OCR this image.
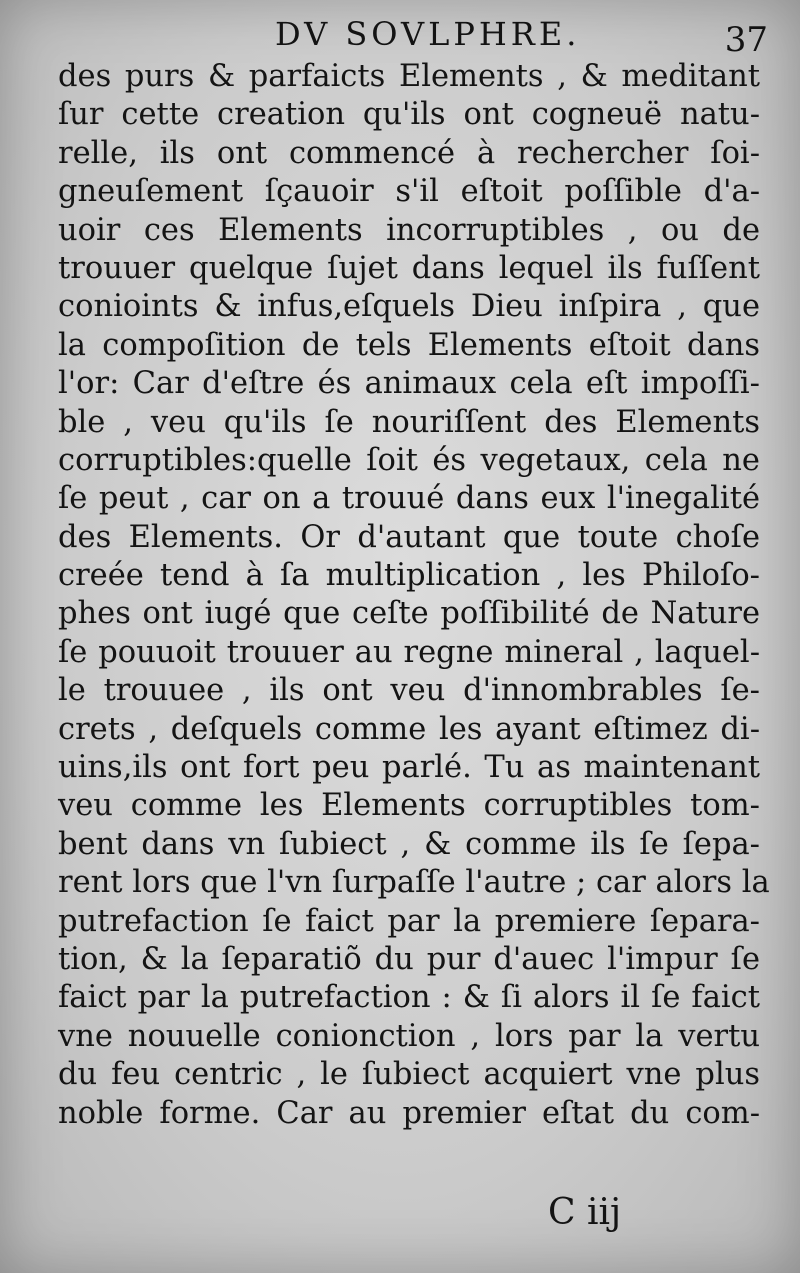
DV SOVLPHRE.	37
des purs & parfaicts Elements , & meditant
ſur cette creation qu'ils ont cogneuë natu-
relle, ils ont commencé à rechercher ſoi-
gneuſement ſçauoir s'il eſtoit poſſible d'a-
uoir ces Elements incorruptibles , ou de
trouuer quelque ſujet dans lequel ils fuſſent
conioints & infus,eſquels Dieu inſpira , que
la compoſition de tels Elements eſtoit dans
l'or: Car d'eſtre és animaux cela eſt impoſſi-
ble , veu qu'ils ſe nouriſſent des Elements
corruptibles:quelle ſoit és vegetaux, cela ne
ſe peut , car on a trouué dans eux l'inegalité
des Elements. Or d'autant que toute choſe
creée tend à ſa multiplication , les Philoſo-
phes ont iugé que ceſte poſſibilité de Nature
ſe pouuoit trouuer au regne mineral , laquel-
le trouuee , ils ont veu d'innombrables ſe-
crets , deſquels comme les ayant eſtimez di-
uins,ils ont fort peu parlé. Tu as maintenant
veu comme les Elements corruptibles tom-
bent dans vn ſubiect , & comme ils ſe ſepa-
rent lors que l'vn ſurpaſſe l'autre ; car alors la
putrefaction ſe faict par la premiere ſepara-
tion, & la ſeparatiõ du pur d'auec l'impur ſe
faict par la putrefaction : & ſi alors il ſe faict
vne nouuelle conionction , lors par la vertu
du feu centric , le ſubiect acquiert vne plus
noble forme. Car au premier eſtat du com-
C iij
